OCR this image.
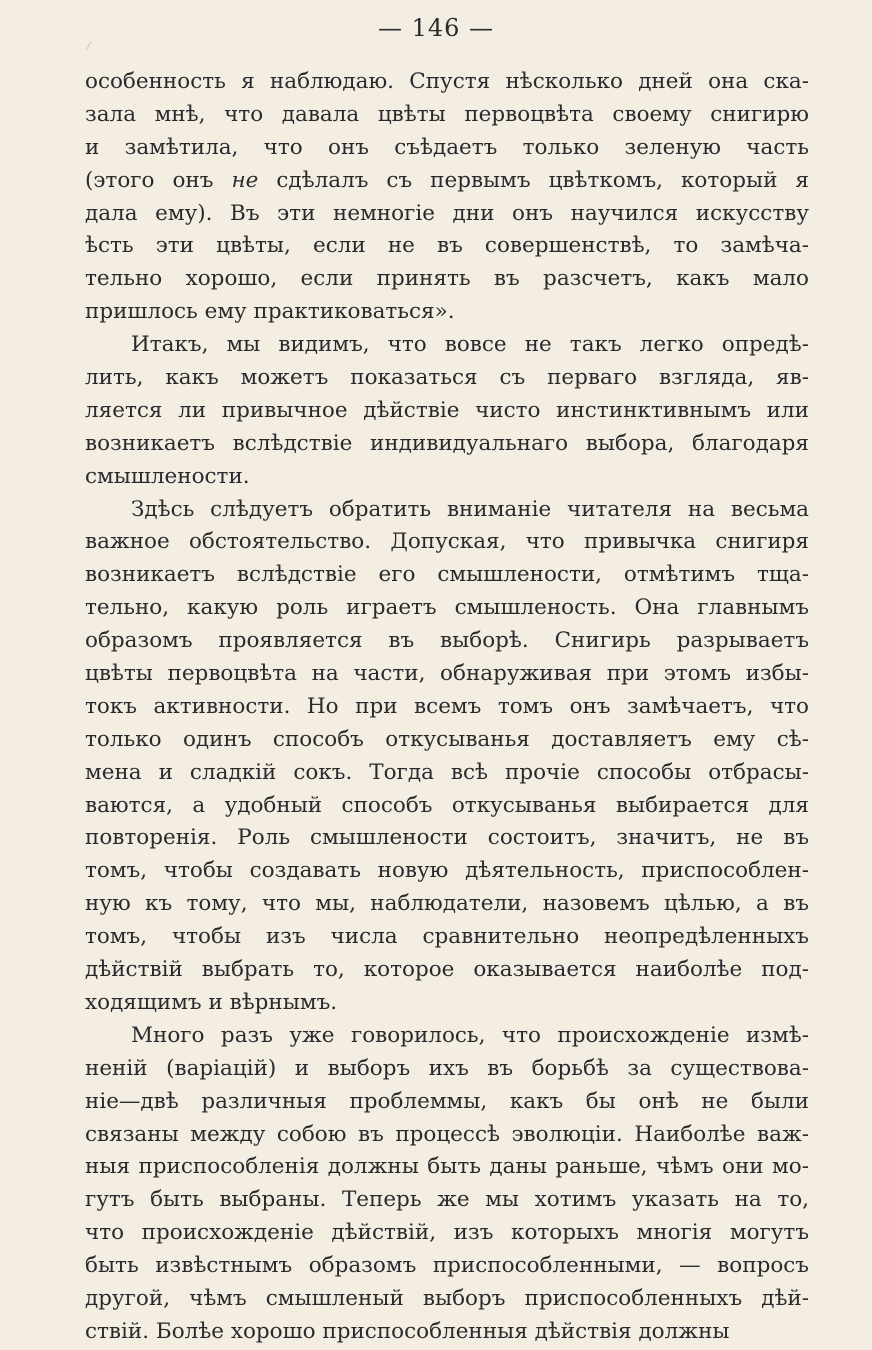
— 146 —
особенность я наблюдаю. Спустя нѣсколько дней она ска-
зала мнѣ, что давала цвѣты первоцвѣта своему снигирю
и замѣтила, что онъ съѣдаетъ только зеленую часть
(этого онъ не сдѣлалъ съ первымъ цвѣткомъ, который я
дала ему). Въ эти немногіе дни онъ научился искусству
ѣсть эти цвѣты, если не въ совершенствѣ, то замѣча-
тельно хорошо, если принять въ разсчетъ, какъ мало
пришлось ему практиковаться».
Итакъ, мы видимъ, что вовсе не такъ легко опредѣ-
лить, какъ можетъ показаться съ перваго взгляда, яв-
ляется ли привычное дѣйствіе чисто инстинктивнымъ или
возникаетъ вслѣдствіе индивидуальнаго выбора, благодаря
смышлености.
Здѣсь слѣдуетъ обратить вниманіе читателя на весьма
важное обстоятельство. Допуская, что привычка снигиря
возникаетъ вслѣдствіе его смышлености, отмѣтимъ тща-
тельно, какую роль играетъ смышленость. Она главнымъ
образомъ проявляется въ выборѣ. Снигирь разрываетъ
цвѣты первоцвѣта на части, обнаруживая при этомъ избы-
токъ активности. Но при всемъ томъ онъ замѣчаетъ, что
только одинъ способъ откусыванья доставляетъ ему сѣ-
мена и сладкій сокъ. Тогда всѣ прочіе способы отбрасы-
ваются, а удобный способъ откусыванья выбирается для
повторенія. Роль смышлености состоитъ, значитъ, не въ
томъ, чтобы создавать новую дѣятельность, приспособлен-
ную къ тому, что мы, наблюдатели, назовемъ цѣлью, а въ
томъ, чтобы изъ числа сравнительно неопредѣленныхъ
дѣйствій выбрать то, которое оказывается наиболѣе под-
ходящимъ и вѣрнымъ.
Много разъ уже говорилось, что происхожденіе измѣ-
неній (варіацій) и выборъ ихъ въ борьбѣ за существова-
ніе—двѣ различныя проблеммы, какъ бы онѣ не были
связаны между собою въ процессѣ эволюціи. Наиболѣе важ-
ныя приспособленія должны быть даны раньше, чѣмъ они мо-
гутъ быть выбраны. Теперь же мы хотимъ указать на то,
что происхожденіе дѣйствій, изъ которыхъ многія могутъ
быть извѣстнымъ образомъ приспособленными, — вопросъ
другой, чѣмъ смышленый выборъ приспособленныхъ дѣй-
ствій. Болѣе хорошо приспособленныя дѣйствія должны
